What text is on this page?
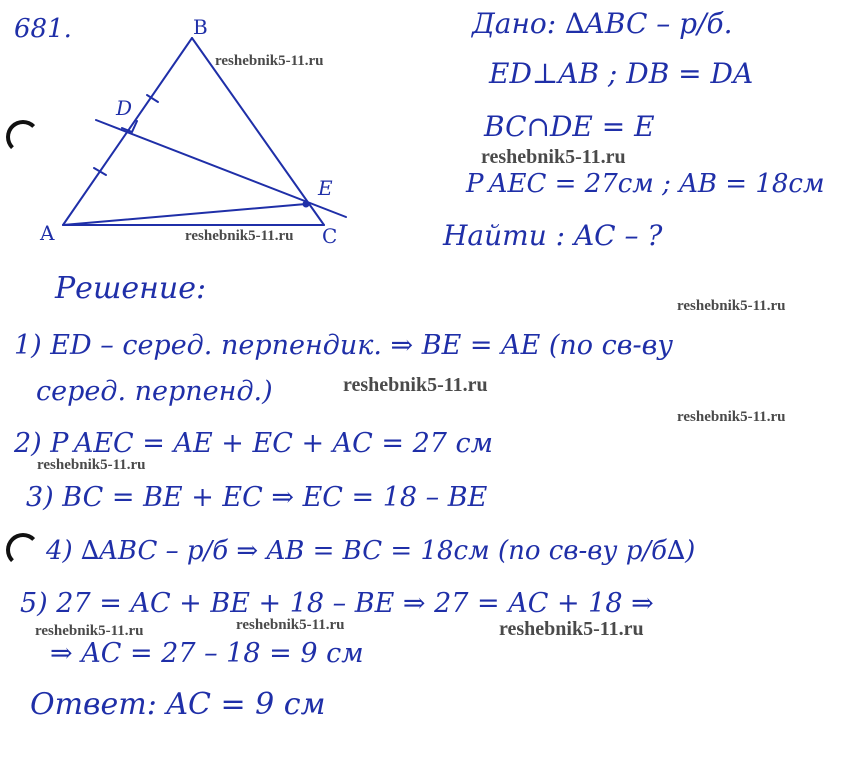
681.	B
A	C
D
E
Дано: ∆ABC – р/б.
ED⊥AB ; DB = DA
BC∩DE = E
P AEC = 27см ; AB = 18см
Найти : AC – ?
Решение:
1) ED – серед. перпендик. ⇒ BE = AE (по св-ву
серед. перпенд.)
2) P AEC = AE + EC + AC = 27 см
3) BC = BE + EC ⇒ EC = 18 – BE
4) ∆ABC – р/б ⇒ AB = BC = 18см (по св-ву р/б∆)
5) 27 = AC + BE + 18 – BE ⇒ 27 = AC + 18 ⇒
⇒ AC = 27 – 18 = 9 см
Ответ: AC = 9 см
reshebnik5-11.ru
reshebnik5-11.ru
reshebnik5-11.ru
reshebnik5-11.ru
reshebnik5-11.ru
reshebnik5-11.ru
reshebnik5-11.ru
reshebnik5-11.ru	reshebnik5-11.ru	reshebnik5-11.ru
